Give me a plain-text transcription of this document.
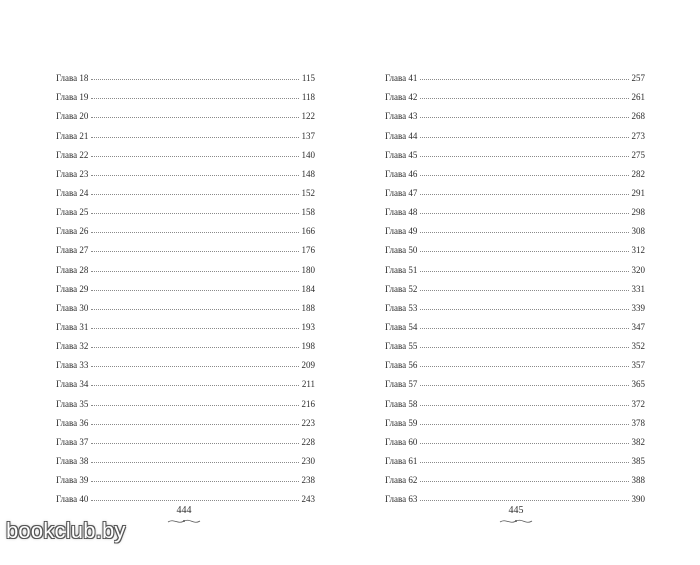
Глава 18	115
Глава 19	118
Глава 20	122
Глава 21	137
Глава 22	140
Глава 23	148
Глава 24	152
Глава 25	158
Глава 26	166
Глава 27	176
Глава 28	180
Глава 29	184
Глава 30	188
Глава 31	193
Глава 32	198
Глава 33	209
Глава 34	211
Глава 35	216
Глава 36	223
Глава 37	228
Глава 38	230
Глава 39	238
Глава 40	243
Глава 41	257
Глава 42	261
Глава 43	268
Глава 44	273
Глава 45	275
Глава 46	282
Глава 47	291
Глава 48	298
Глава 49	308
Глава 50	312
Глава 51	320
Глава 52	331
Глава 53	339
Глава 54	347
Глава 55	352
Глава 56	357
Глава 57	365
Глава 58	372
Глава 59	378
Глава 60	382
Глава 61	385
Глава 62	388
Глава 63	390
444	445
bookclub.by
